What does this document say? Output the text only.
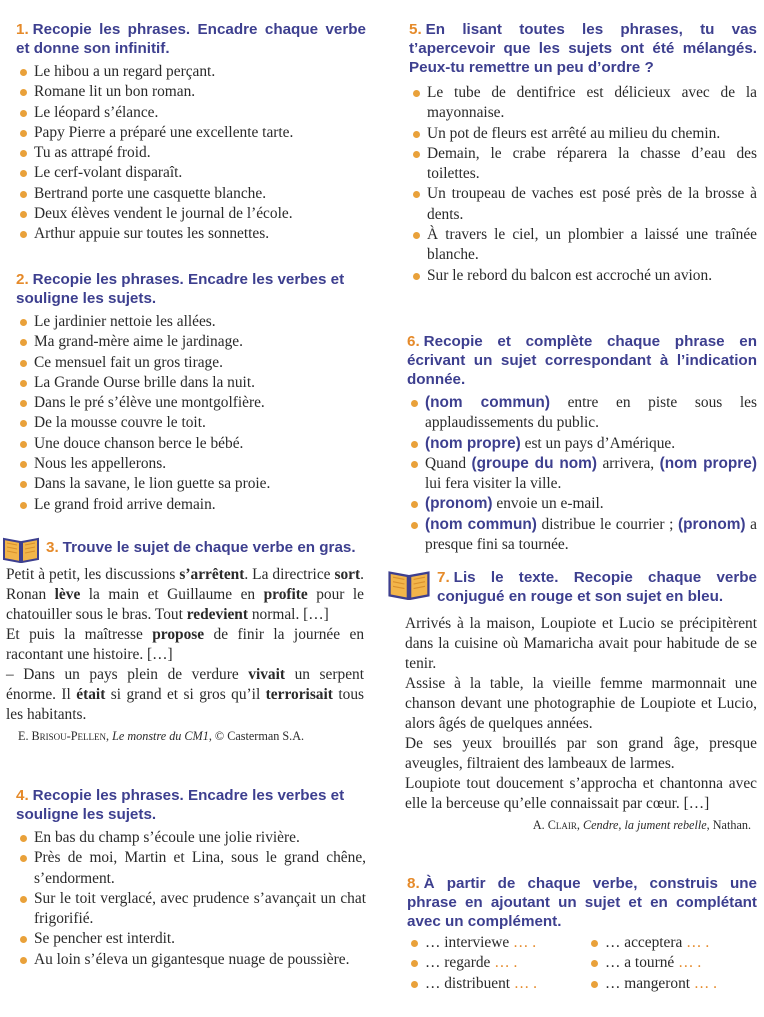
1. Recopie les phrases. Encadre chaque verbe et donne son infinitif.
Le hibou a un regard perçant.
Romane lit un bon roman.
Le léopard s’élance.
Papy Pierre a préparé une excellente tarte.
Tu as attrapé froid.
Le cerf-volant disparaît.
Bertrand porte une casquette blanche.
Deux élèves vendent le journal de l’école.
Arthur appuie sur toutes les sonnettes.
2. Recopie les phrases. Encadre les verbes et souligne les sujets.
Le jardinier nettoie les allées.
Ma grand-mère aime le jardinage.
Ce mensuel fait un gros tirage.
La Grande Ourse brille dans la nuit.
Dans le pré s’élève une montgolfière.
De la mousse couvre le toit.
Une douce chanson berce le bébé.
Nous les appellerons.
Dans la savane, le lion guette sa proie.
Le grand froid arrive demain.
3. Trouve le sujet de chaque verbe en gras.

Petit à petit, les discussions s’arrêtent. La directrice sort. Ronan lève la main et Guillaume en profite pour le chatouiller sous le bras. Tout redevient normal. […]

Et puis la maîtresse propose de finir la journée en racontant une histoire. […]

– Dans un pays plein de verdure vivait un serpent énorme. Il était si grand et si gros qu’il terrorisait tous les habitants.

E. Brisou-Pellen, Le monstre du CM1, © Casterman S.A.
4. Recopie les phrases. Encadre les verbes et souligne les sujets.
En bas du champ s’écoule une jolie rivière.
Près de moi, Martin et Lina, sous le grand chêne, s’endorment.
Sur le toit verglacé, avec prudence s’avançait un chat frigorifié.
Se pencher est interdit.
Au loin s’éleva un gigantesque nuage de poussière.
5. En lisant toutes les phrases, tu vas t’apercevoir que les sujets ont été mélangés. Peux-tu remettre un peu d’ordre ?
Le tube de dentifrice est délicieux avec de la mayonnaise.
Un pot de fleurs est arrêté au milieu du chemin.
Demain, le crabe réparera la chasse d’eau des toilettes.
Un troupeau de vaches est posé près de la brosse à dents.
À travers le ciel, un plombier a laissé une traînée blanche.
Sur le rebord du balcon est accroché un avion.
6. Recopie et complète chaque phrase en écrivant un sujet correspondant à l’indication donnée.
(nom commun) entre en piste sous les applaudissements du public.
(nom propre) est un pays d’Amérique.
Quand (groupe du nom) arrivera, (nom propre) lui fera visiter la ville.
(pronom) envoie un e-mail.
(nom commun) distribue le courrier ; (pronom) a presque fini sa tournée.
7. Lis le texte. Recopie chaque verbe conjugué en rouge et son sujet en bleu.

Arrivés à la maison, Loupiote et Lucio se précipitèrent dans la cuisine où Mamaricha avait pour habitude de se tenir.

Assise à la table, la vieille femme marmonnait une chanson devant une photographie de Loupiote et Lucio, alors âgés de quelques années.

De ses yeux brouillés par son grand âge, presque aveugles, filtraient des lambeaux de larmes.

Loupiote tout doucement s’approcha et chantonna avec elle la berceuse qu’elle connaissait par cœur. […]

A. Clair, Cendre, la jument rebelle, Nathan.
8. À partir de chaque verbe, construis une phrase en ajoutant un sujet et en complétant avec un complément.
… interviewe … .
… regarde … .
… distribuent … .
… acceptera … .
… a tourné … .
… mangeront … .
